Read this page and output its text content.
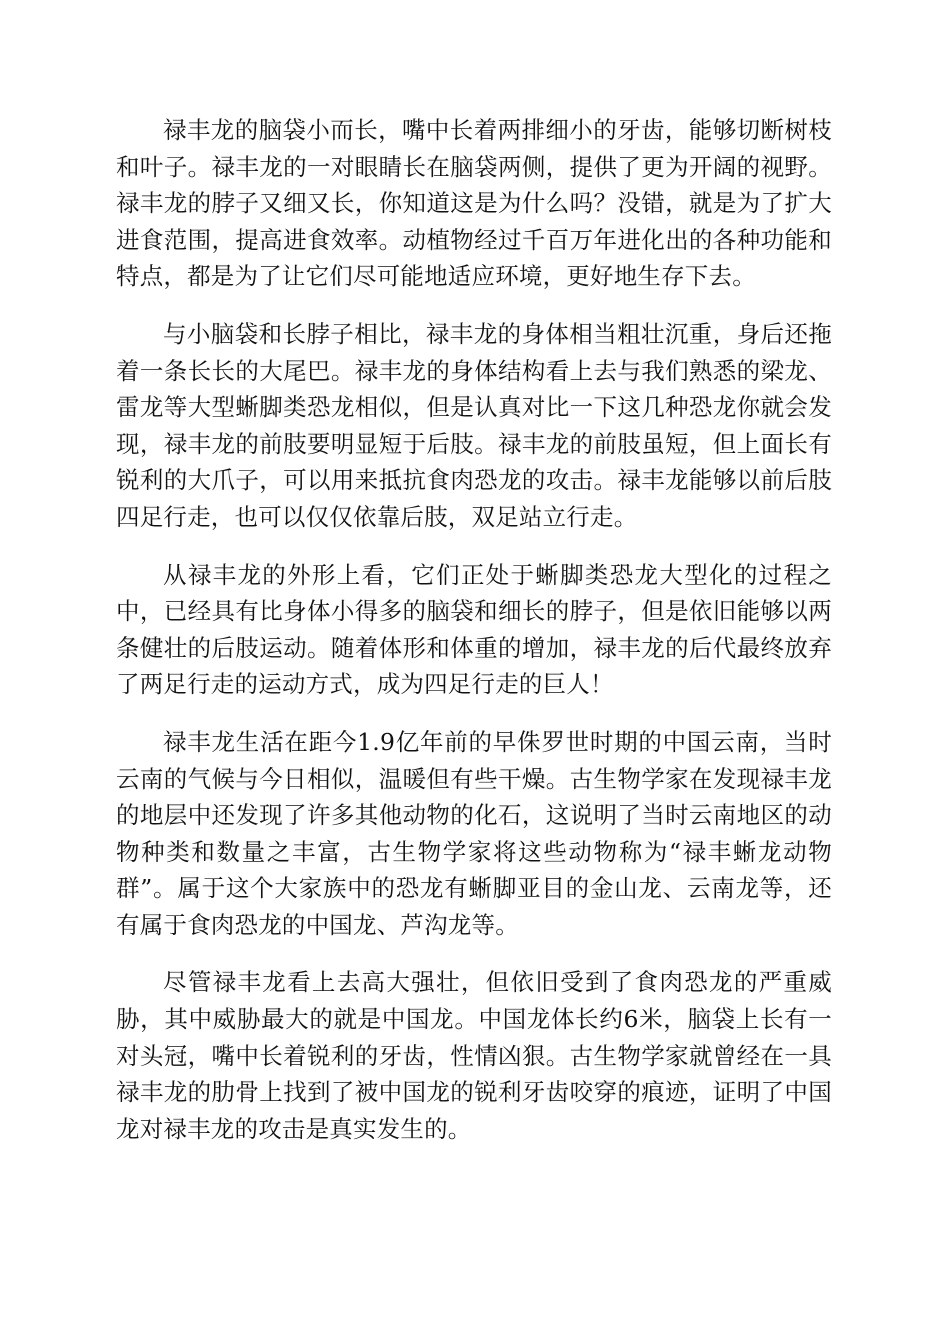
禄丰龙的脑袋小而长，嘴中长着两排细小的牙齿，能够切断树枝和叶子。禄丰龙的一对眼睛长在脑袋两侧，提供了更为开阔的视野。禄丰龙的脖子又细又长，你知道这是为什么吗？没错，就是为了扩大进食范围，提高进食效率。动植物经过千百万年进化出的各种功能和特点，都是为了让它们尽可能地适应环境，更好地生存下去。

与小脑袋和长脖子相比，禄丰龙的身体相当粗壮沉重，身后还拖着一条长长的大尾巴。禄丰龙的身体结构看上去与我们熟悉的梁龙、雷龙等大型蜥脚类恐龙相似，但是认真对比一下这几种恐龙你就会发现，禄丰龙的前肢要明显短于后肢。禄丰龙的前肢虽短，但上面长有锐利的大爪子，可以用来抵抗食肉恐龙的攻击。禄丰龙能够以前后肢四足行走，也可以仅仅依靠后肢，双足站立行走。

从禄丰龙的外形上看，它们正处于蜥脚类恐龙大型化的过程之中，已经具有比身体小得多的脑袋和细长的脖子，但是依旧能够以两条健壮的后肢运动。随着体形和体重的增加，禄丰龙的后代最终放弃了两足行走的运动方式，成为四足行走的巨人！

禄丰龙生活在距今1.9亿年前的早侏罗世时期的中国云南，当时云南的气候与今日相似，温暖但有些干燥。古生物学家在发现禄丰龙的地层中还发现了许多其他动物的化石，这说明了当时云南地区的动物种类和数量之丰富，古生物学家将这些动物称为“禄丰蜥龙动物群”。属于这个大家族中的恐龙有蜥脚亚目的金山龙、云南龙等，还有属于食肉恐龙的中国龙、芦沟龙等。

尽管禄丰龙看上去高大强壮，但依旧受到了食肉恐龙的严重威胁，其中威胁最大的就是中国龙。中国龙体长约6米，脑袋上长有一对头冠，嘴中长着锐利的牙齿，性情凶狠。古生物学家就曾经在一具禄丰龙的肋骨上找到了被中国龙的锐利牙齿咬穿的痕迹，证明了中国龙对禄丰龙的攻击是真实发生的。
